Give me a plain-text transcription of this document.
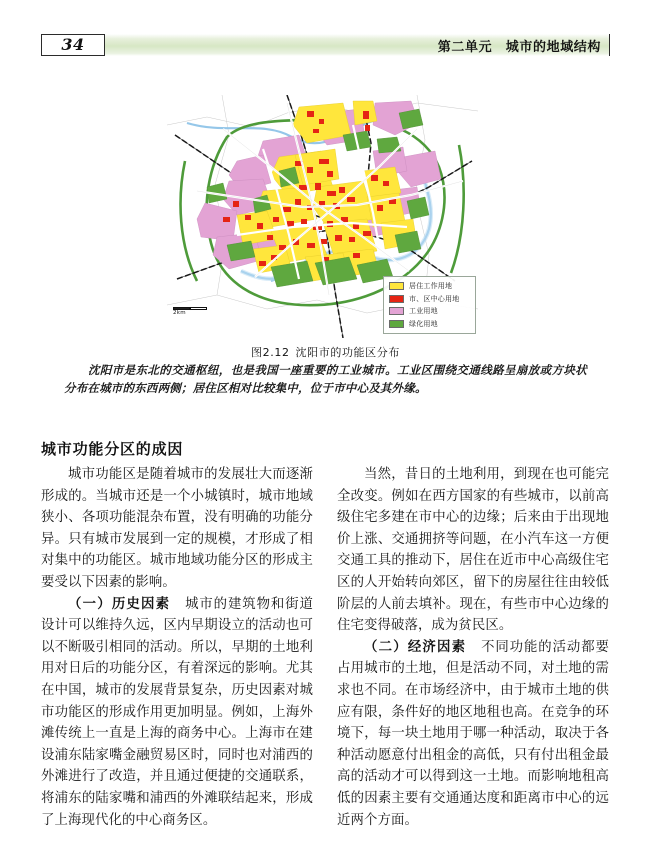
34	第二单元　城市的地域结构
2km
居住工作用地
市、区中心用地
工业用地
绿化用地
图2.12 沈阳市的功能区分布
沈阳市是东北的交通枢纽，也是我国一座重要的工业城市。工业区围绕交通线路呈扇放或方块状分布在城市的东西两侧；居住区相对比较集中，位于市中心及其外缘。
城市功能分区的成因

城市功能区是随着城市的发展壮大而逐渐形成的。当城市还是一个小城镇时，城市地域狭小、各项功能混杂布置，没有明确的功能分异。只有城市发展到一定的规模，才形成了相对集中的功能区。城市地域功能分区的形成主要受以下因素的影响。

（一）历史因素 城市的建筑物和街道设计可以维持久远，区内早期设立的活动也可以不断吸引相同的活动。所以，早期的土地利用对日后的功能分区，有着深远的影响。尤其在中国，城市的发展背景复杂，历史因素对城市功能区的形成作用更加明显。例如，上海外滩传统上一直是上海的商务中心。上海市在建设浦东陆家嘴金融贸易区时，同时也对浦西的外滩进行了改造，并且通过便捷的交通联系，将浦东的陆家嘴和浦西的外滩联结起来，形成了上海现代化的中心商务区。

当然，昔日的土地利用，到现在也可能完全改变。例如在西方国家的有些城市，以前高级住宅多建在市中心的边缘；后来由于出现地价上涨、交通拥挤等问题，在小汽车这一方便交通工具的推动下，居住在近市中心高级住宅区的人开始转向郊区，留下的房屋往往由较低阶层的人前去填补。现在，有些市中心边缘的住宅变得破落，成为贫民区。

（二）经济因素 不同功能的活动都要占用城市的土地，但是活动不同，对土地的需求也不同。在市场经济中，由于城市土地的供应有限，条件好的地区地租也高。在竞争的环境下，每一块土地用于哪一种活动，取决于各种活动愿意付出租金的高低，只有付出租金最高的活动才可以得到这一土地。而影响地租高低的因素主要有交通通达度和距离市中心的远近两个方面。
